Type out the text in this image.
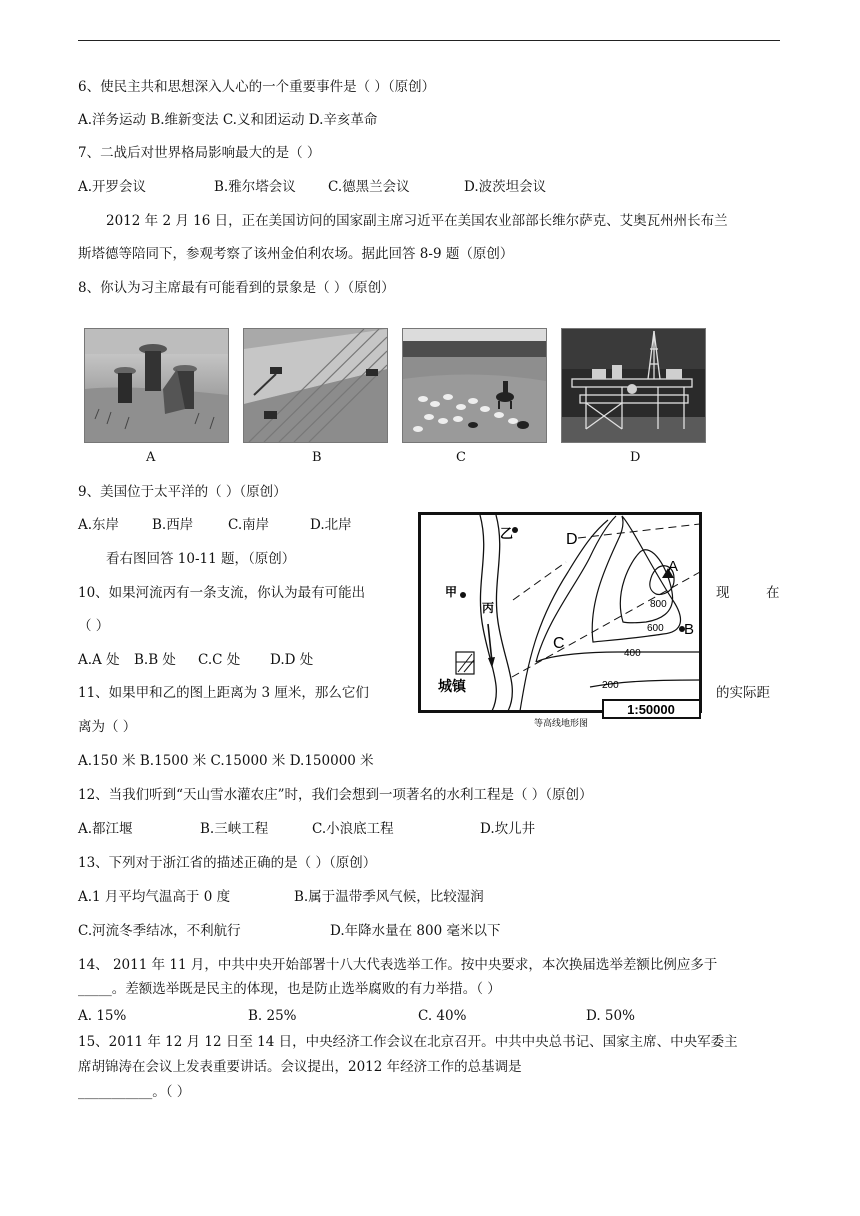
6、使民主共和思想深入人心的一个重要事件是（ ）（原创）
A.洋务运动 B.维新变法 C.义和团运动 D.辛亥革命
7、二战后对世界格局影响最大的是（ ）
A.开罗会议	B.雅尔塔会议 C.德黑兰会议	D.波茨坦会议
2012 年 2 月 16 日，正在美国访问的国家副主席习近平在美国农业部部长维尔萨克、艾奥瓦州州长布兰
斯塔德等陪同下，参观考察了该州金伯利农场。据此回答 8-9 题（原创）
8、你认为习主席最有可能看到的景象是（ ）（原创）
A	B	C	D
9、美国位于太平洋的（ ）（原创）
A.东岸 B.西岸	C.南岸	D.北岸
看右图回答 10-11 题，（原创）
10、如果河流丙有一条支流，你认为最有可能出	现	在
（ ）
A.A 处 B.B 处 C.C 处 D.D 处
11、如果甲和乙的图上距离为 3 厘米，那么它们	的实际距
离为（ ）
A.150 米 B.1500 米 C.15000 米 D.150000 米
乙
甲
丙
城镇
A
B
C
D
800
600
400
200
1:50000
等高线地形图
12、当我们听到“天山雪水灌农庄”时，我们会想到一项著名的水利工程是（ ）（原创）
A.都江堰	B.三峡工程	C.小浪底工程	D.坎儿井
13、下列对于浙江省的描述正确的是（ ）（原创）
A.1 月平均气温高于 0 度	B.属于温带季风气候，比较湿润
C.河流冬季结冰，不利航行	D.年降水量在 800 毫米以下
14、 2011 年 11 月，中共中央开始部署十八大代表选举工作。按中央要求，本次换届选举差额比例应多于
_____。差额选举既是民主的体现，也是防止选举腐败的有力举措。（ ）
A. 15%	B. 25%	C. 40%	D. 50%
15、2011 年 12 月 12 日至 14 日，中央经济工作会议在北京召开。中共中央总书记、国家主席、中央军委主
席胡锦涛在会议上发表重要讲话。会议提出，2012 年经济工作的总基调是
___________。（ ）
